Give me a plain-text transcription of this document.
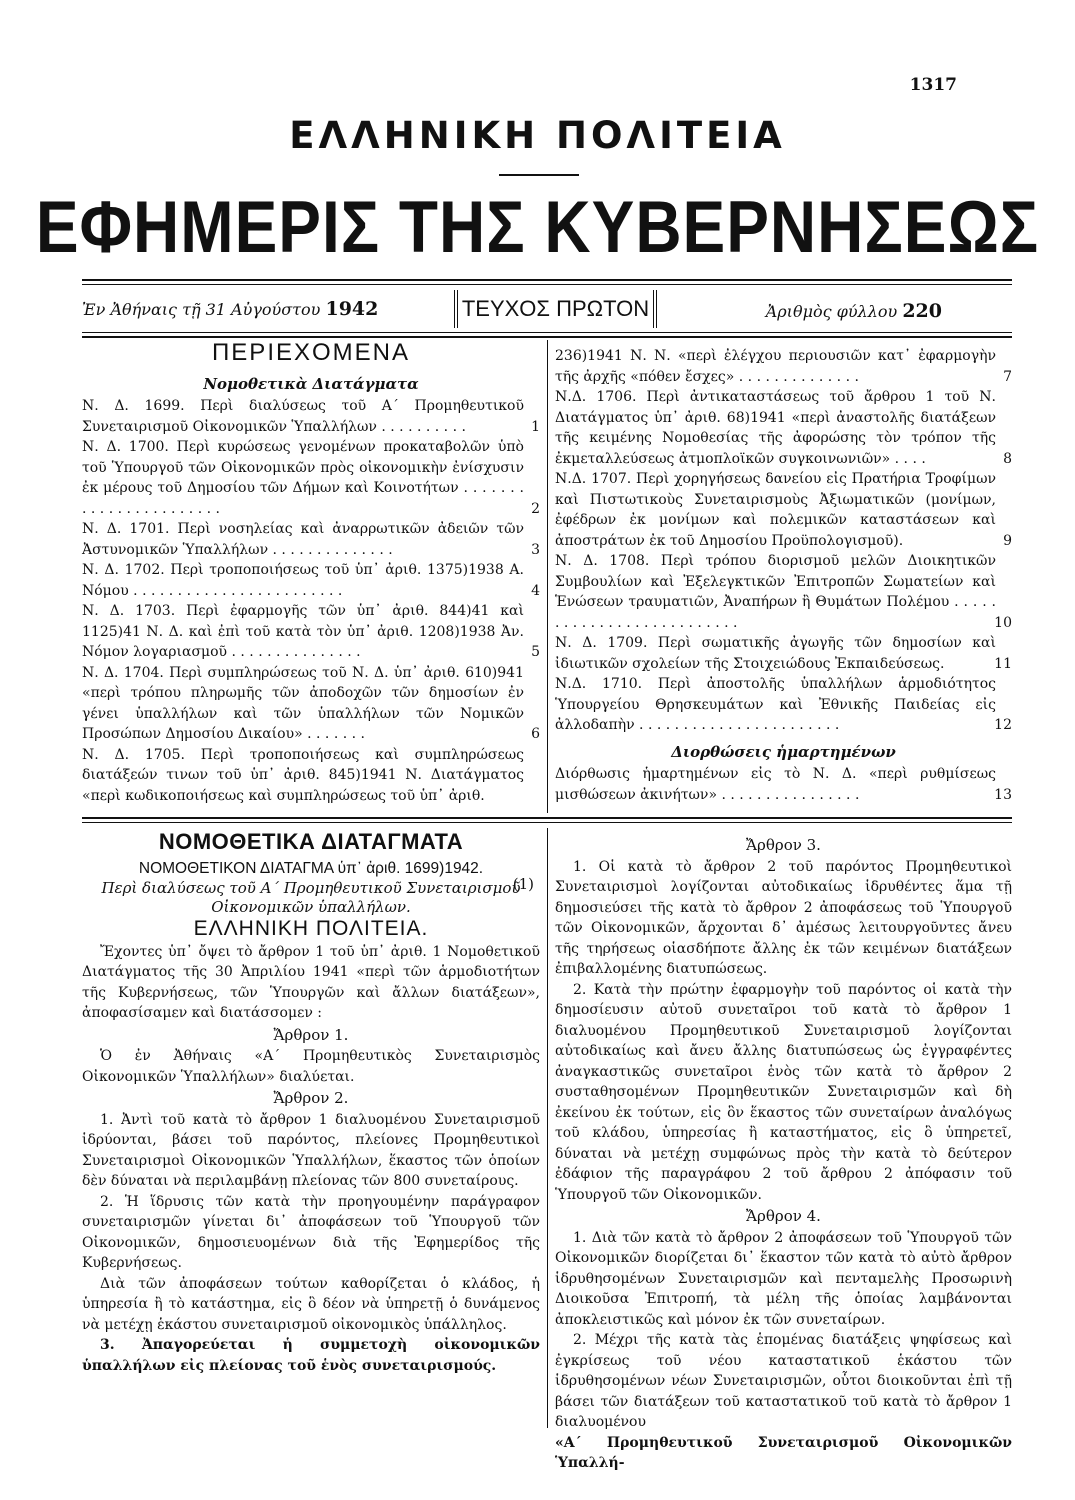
1317
ΕΛΛΗΝΙΚΗ ΠΟΛΙΤΕΙΑ
ΕΦΗΜΕΡΙΣ ΤΗΣ ΚΥΒΕΡΝΗΣΕΩΣ
Ἐν Ἀθήναις τῇ 31 Αὐγούστου 1942	ΤΕΥΧΟΣ ΠΡΩΤΟΝ	Ἀριθμὸς φύλλου 220
ΠΕΡΙΕΧΟΜΕΝΑ
Νομοθετικὰ Διατάγματα
Ν. Δ. 1699. Περὶ διαλύσεως τοῦ Α΄ Προμηθευτικοῦ Συνεταιρισμοῦ Οἰκονομικῶν Ὑπαλλήλων . . . . . . . . . .	1
Ν. Δ. 1700. Περὶ κυρώσεως γενομένων προκαταβολῶν ὑπὸ τοῦ Ὑπουργοῦ τῶν Οἰκονομικῶν πρὸς οἰκονομικὴν ἐνίσχυσιν ἐκ μέρους τοῦ Δημοσίου τῶν Δήμων καὶ Κοινοτήτων . . . . . . . . . . . . . . . . . . . . . . .	2
Ν. Δ. 1701. Περὶ νοσηλείας καὶ ἀναρρωτικῶν ἀδειῶν τῶν Ἀστυνομικῶν Ὑπαλλήλων . . . . . . . . . . . . . .	3
Ν. Δ. 1702. Περὶ τροποποιήσεως τοῦ ὑπ᾿ ἀριθ. 1375)1938 Α. Νόμου . . . . . . . . . . . . . . . . . . . . . . . .	4
Ν. Δ. 1703. Περὶ ἐφαρμογῆς τῶν ὑπ᾿ ἀριθ. 844)41 καὶ 1125)41 Ν. Δ. καὶ ἐπὶ τοῦ κατὰ τὸν ὑπ᾿ ἀριθ. 1208)1938 Ἀν. Νόμον λογαριασμοῦ . . . . . . . . . . . . . . .	5
Ν. Δ. 1704. Περὶ συμπληρώσεως τοῦ Ν. Δ. ὑπ᾿ ἀριθ. 610)941 «περὶ τρόπου πληρωμῆς τῶν ἀποδοχῶν τῶν δημοσίων ἐν γένει ὑπαλλήλων καὶ τῶν ὑπαλλήλων τῶν Νομικῶν Προσώπων Δημοσίου Δικαίου» . . . . . . .	6
Ν. Δ. 1705. Περὶ τροποποιήσεως καὶ συμπληρώσεως διατάξεών τινων τοῦ ὑπ᾿ ἀριθ. 845)1941 Ν. Διατάγματος «περὶ κωδικοποιήσεως καὶ συμπληρώσεως τοῦ ὑπ᾿ ἀριθ.
236)1941 Ν. Ν. «περὶ ἐλέγχου περιουσιῶν κατ᾿ ἐφαρμογὴν τῆς ἀρχῆς «πόθεν ἔσχες» . . . . . . . . . . . . . .	7
Ν.Δ. 1706. Περὶ ἀντικαταστάσεως τοῦ ἄρθρου 1 τοῦ Ν. Διατάγματος ὑπ᾿ ἀριθ. 68)1941 «περὶ ἀναστολῆς διατάξεων τῆς κειμένης Νομοθεσίας τῆς ἀφορώσης τὸν τρόπον τῆς ἐκμεταλλεύσεως ἀτμοπλοϊκῶν συγκοινωνιῶν» . . . .	8
Ν.Δ. 1707. Περὶ χορηγήσεως δανείου εἰς Πρατήρια Τροφίμων καὶ Πιστωτικοὺς Συνεταιρισμοὺς Ἀξιωματικῶν (μονίμων, ἐφέδρων ἐκ μονίμων καὶ πολεμικῶν καταστάσεων καὶ ἀποστράτων ἐκ τοῦ Δημοσίου Προϋπολογισμοῦ).	9
Ν. Δ. 1708. Περὶ τρόπου διορισμοῦ μελῶν Διοικητικῶν Συμβουλίων καὶ Ἐξελεγκτικῶν Ἐπιτροπῶν Σωματείων καὶ Ἑνώσεων τραυματιῶν, Ἀναπήρων ἢ Θυμάτων Πολέμου . . . . . . . . . . . . . . . . . . . . . . . . . .	10
Ν. Δ. 1709. Περὶ σωματικῆς ἀγωγῆς τῶν δημοσίων καὶ ἰδιωτικῶν σχολείων τῆς Στοιχειώδους Ἐκπαιδεύσεως.	11
Ν.Δ. 1710. Περὶ ἀποστολῆς ὑπαλλήλων ἁρμοδιότητος Ὑπουργείου Θρησκευμάτων καὶ Ἐθνικῆς Παιδείας εἰς ἀλλοδαπὴν . . . . . . . . . . . . . . . . . . . . . . .	12
Διορθώσεις ἡμαρτημένων
Διόρθωσις ἡμαρτημένων εἰς τὸ Ν. Δ. «περὶ ρυθμίσεως μισθώσεων ἀκινήτων» . . . . . . . . . . . . . . . .	13
ΝΟΜΟΘΕΤΙΚΑ ΔΙΑΤΑΓΜΑΤΑ
(1)
ΝΟΜΟΘΕΤΙΚΟΝ ΔΙΑΤΑΓΜΑ ὑπ᾿ ἀριθ. 1699)1942.
Περὶ διαλύσεως τοῦ Α΄ Προμηθευτικοῦ Συνεταιρισμοῦ Οἰκονομικῶν ὑπαλλήλων.
ΕΛΛΗΝΙΚΗ ΠΟΛΙΤΕΙΑ.

Ἔχοντες ὑπ᾿ ὄψει τὸ ἄρθρον 1 τοῦ ὑπ᾿ ἀριθ. 1 Νομοθετικοῦ Διατάγματος τῆς 30 Ἀπριλίου 1941 «περὶ τῶν ἁρμοδιοτήτων τῆς Κυβερνήσεως, τῶν Ὑπουργῶν καὶ ἄλλων διατάξεων», ἀποφασίσαμεν καὶ διατάσσομεν :

Ἄρθρον 1.

Ὁ ἐν Ἀθήναις «Α΄ Προμηθευτικὸς Συνεταιρισμὸς Οἰκονομικῶν Ὑπαλλήλων» διαλύεται.

Ἄρθρον 2.

1. Ἀντὶ τοῦ κατὰ τὸ ἄρθρον 1 διαλυομένου Συνεταιρισμοῦ ἱδρύονται, βάσει τοῦ παρόντος, πλείονες Προμηθευτικοὶ Συνεταιρισμοὶ Οἰκονομικῶν Ὑπαλλήλων, ἕκαστος τῶν ὁποίων δὲν δύναται νὰ περιλαμβάνῃ πλείονας τῶν 800 συνεταίρους.

2. Ἡ ἵδρυσις τῶν κατὰ τὴν προηγουμένην παράγραφον συνεταιρισμῶν γίνεται δι᾿ ἀποφάσεων τοῦ Ὑπουργοῦ τῶν Οἰκονομικῶν, δημοσιευομένων διὰ τῆς Ἐφημερίδος τῆς Κυβερνήσεως.

Διὰ τῶν ἀποφάσεων τούτων καθορίζεται ὁ κλάδος, ἡ ὑπηρεσία ἢ τὸ κατάστημα, εἰς ὃ δέον νὰ ὑπηρετῇ ὁ δυνάμενος νὰ μετέχῃ ἑκάστου συνεταιρισμοῦ οἰκονομικὸς ὑπάλληλος.

3. Ἀπαγορεύεται ἡ συμμετοχὴ οἰκονομικῶν ὑπαλλήλων εἰς πλείονας τοῦ ἑνὸς συνεταιρισμούς.

Ἄρθρον 3.

1. Οἱ κατὰ τὸ ἄρθρον 2 τοῦ παρόντος Προμηθευτικοὶ Συνεταιρισμοὶ λογίζονται αὐτοδικαίως ἱδρυθέντες ἅμα τῇ δημοσιεύσει τῆς κατὰ τὸ ἄρθρον 2 ἀποφάσεως τοῦ Ὑπουργοῦ τῶν Οἰκονομικῶν, ἄρχονται δ᾿ ἀμέσως λειτουργοῦντες ἄνευ τῆς τηρήσεως οἱασδήποτε ἄλλης ἐκ τῶν κειμένων διατάξεων ἐπιβαλλομένης διατυπώσεως.

2. Κατὰ τὴν πρώτην ἐφαρμογὴν τοῦ παρόντος οἱ κατὰ τὴν δημοσίευσιν αὐτοῦ συνεταῖροι τοῦ κατὰ τὸ ἄρθρον 1 διαλυομένου Προμηθευτικοῦ Συνεταιρισμοῦ λογίζονται αὐτοδικαίως καὶ ἄνευ ἄλλης διατυπώσεως ὡς ἐγγραφέντες ἀναγκαστικῶς συνεταῖροι ἑνὸς τῶν κατὰ τὸ ἄρθρον 2 συσταθησομένων Προμηθευτικῶν Συνεταιρισμῶν καὶ δὴ ἐκείνου ἐκ τούτων, εἰς ὃν ἕκαστος τῶν συνεταίρων ἀναλόγως τοῦ κλάδου, ὑπηρεσίας ἢ καταστήματος, εἰς ὃ ὑπηρετεῖ, δύναται νὰ μετέχῃ συμφώνως πρὸς τὴν κατὰ τὸ δεύτερον ἐδάφιον τῆς παραγράφου 2 τοῦ ἄρθρου 2 ἀπόφασιν τοῦ Ὑπουργοῦ τῶν Οἰκονομικῶν.

Ἄρθρον 4.

1. Διὰ τῶν κατὰ τὸ ἄρθρον 2 ἀποφάσεων τοῦ Ὑπουργοῦ τῶν Οἰκονομικῶν διορίζεται δι᾿ ἕκαστον τῶν κατὰ τὸ αὐτὸ ἄρθρον ἱδρυθησομένων Συνεταιρισμῶν καὶ πενταμελὴς Προσωρινὴ Διοικοῦσα Ἐπιτροπή, τὰ μέλη τῆς ὁποίας λαμβάνονται ἀποκλειστικῶς καὶ μόνον ἐκ τῶν συνεταίρων.

2. Μέχρι τῆς κατὰ τὰς ἑπομένας διατάξεις ψηφίσεως καὶ ἐγκρίσεως τοῦ νέου καταστατικοῦ ἑκάστου τῶν ἱδρυθησομένων νέων Συνεταιρισμῶν, οὗτοι διοικοῦνται ἐπὶ τῇ βάσει τῶν διατάξεων τοῦ καταστατικοῦ τοῦ κατὰ τὸ ἄρθρον 1 διαλυομένου

«Α΄ Προμηθευτικοῦ Συνεταιρισμοῦ Οἰκονομικῶν Ὑπαλλή-
